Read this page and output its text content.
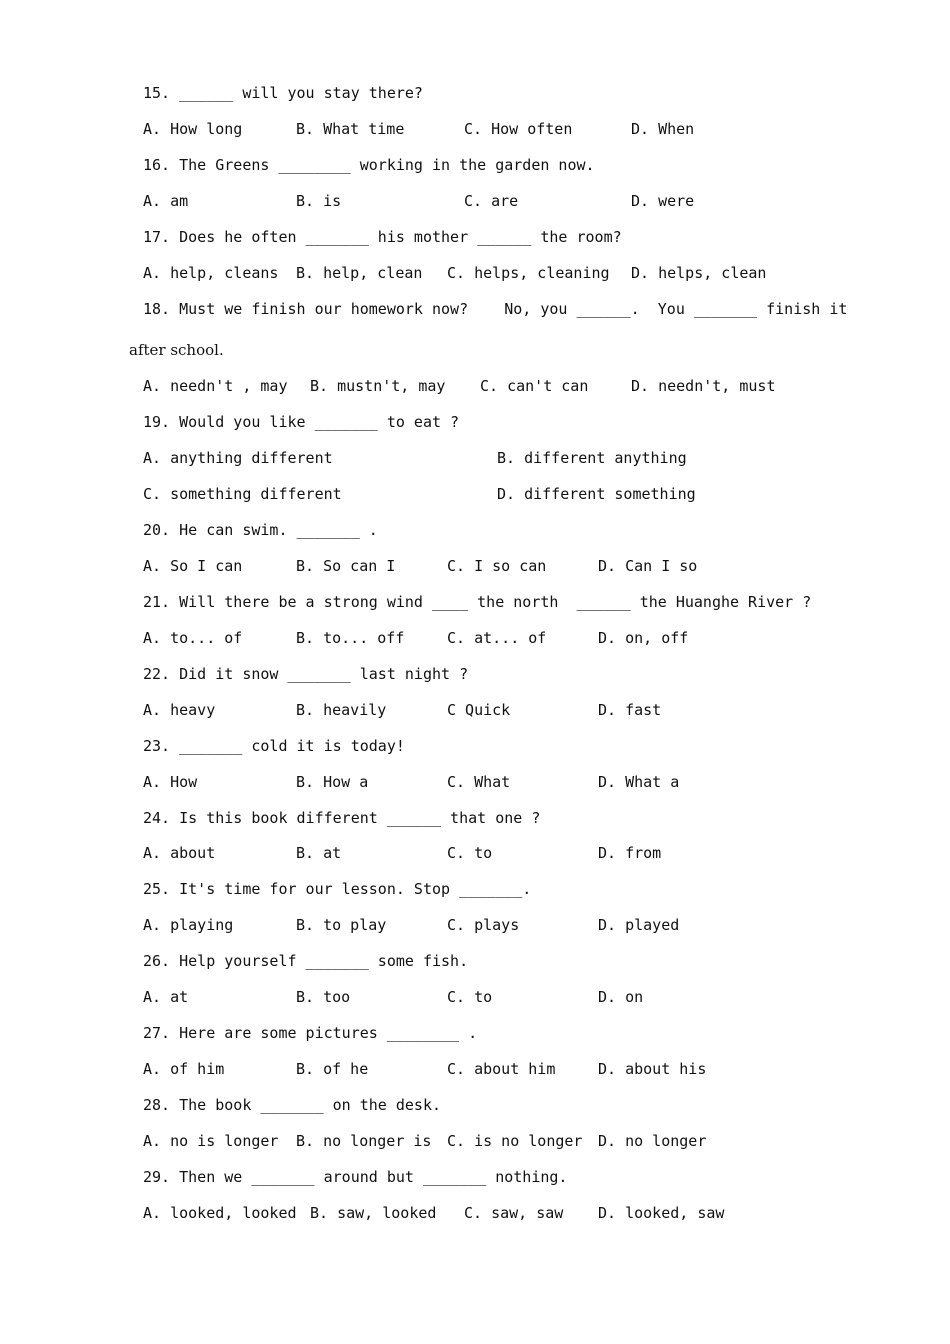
15. ______ will you stay there?
A. How long	B. What time	C. How often	D. When
16. The Greens ________ working in the garden now.
A. am	B. is	C. are	D. were
17. Does he often _______ his mother ______ the room?
A. help, cleans B. help, clean C. helps, cleaning D. helps, clean
18. Must we finish our homework now?    No, you ______.  You _______ finish it
after school.
A. needn't , may B. mustn't, may C. can't can	D. needn't, must
19. Would you like _______ to eat ?
A. anything different	B. different anything
C. something different	D. different something
20. He can swim. _______ .
A. So I can	B. So can I	C. I so can	D. Can I so
21. Will there be a strong wind ____ the north  ______ the Huanghe River ?
A. to... of	B. to... off	C. at... of	D. on, off
22. Did it snow _______ last night ?
A. heavy	B. heavily	C Quick	D. fast
23. _______ cold it is today!
A. How	B. How a	C. What	D. What a
24. Is this book different ______ that one ?
A. about	B. at	C. to	D. from
25. It's time for our lesson. Stop _______.
A. playing	B. to play	C. plays	D. played
26. Help yourself _______ some fish.
A. at	B. too	C. to	D. on
27. Here are some pictures ________ .
A. of him	B. of he	C. about him	D. about his
28. The book _______ on the desk.
A. no is longer B. no longer is C. is no longer D. no longer
29. Then we _______ around but _______ nothing.
A. looked, looked B. saw, looked C. saw, saw D. looked, saw
